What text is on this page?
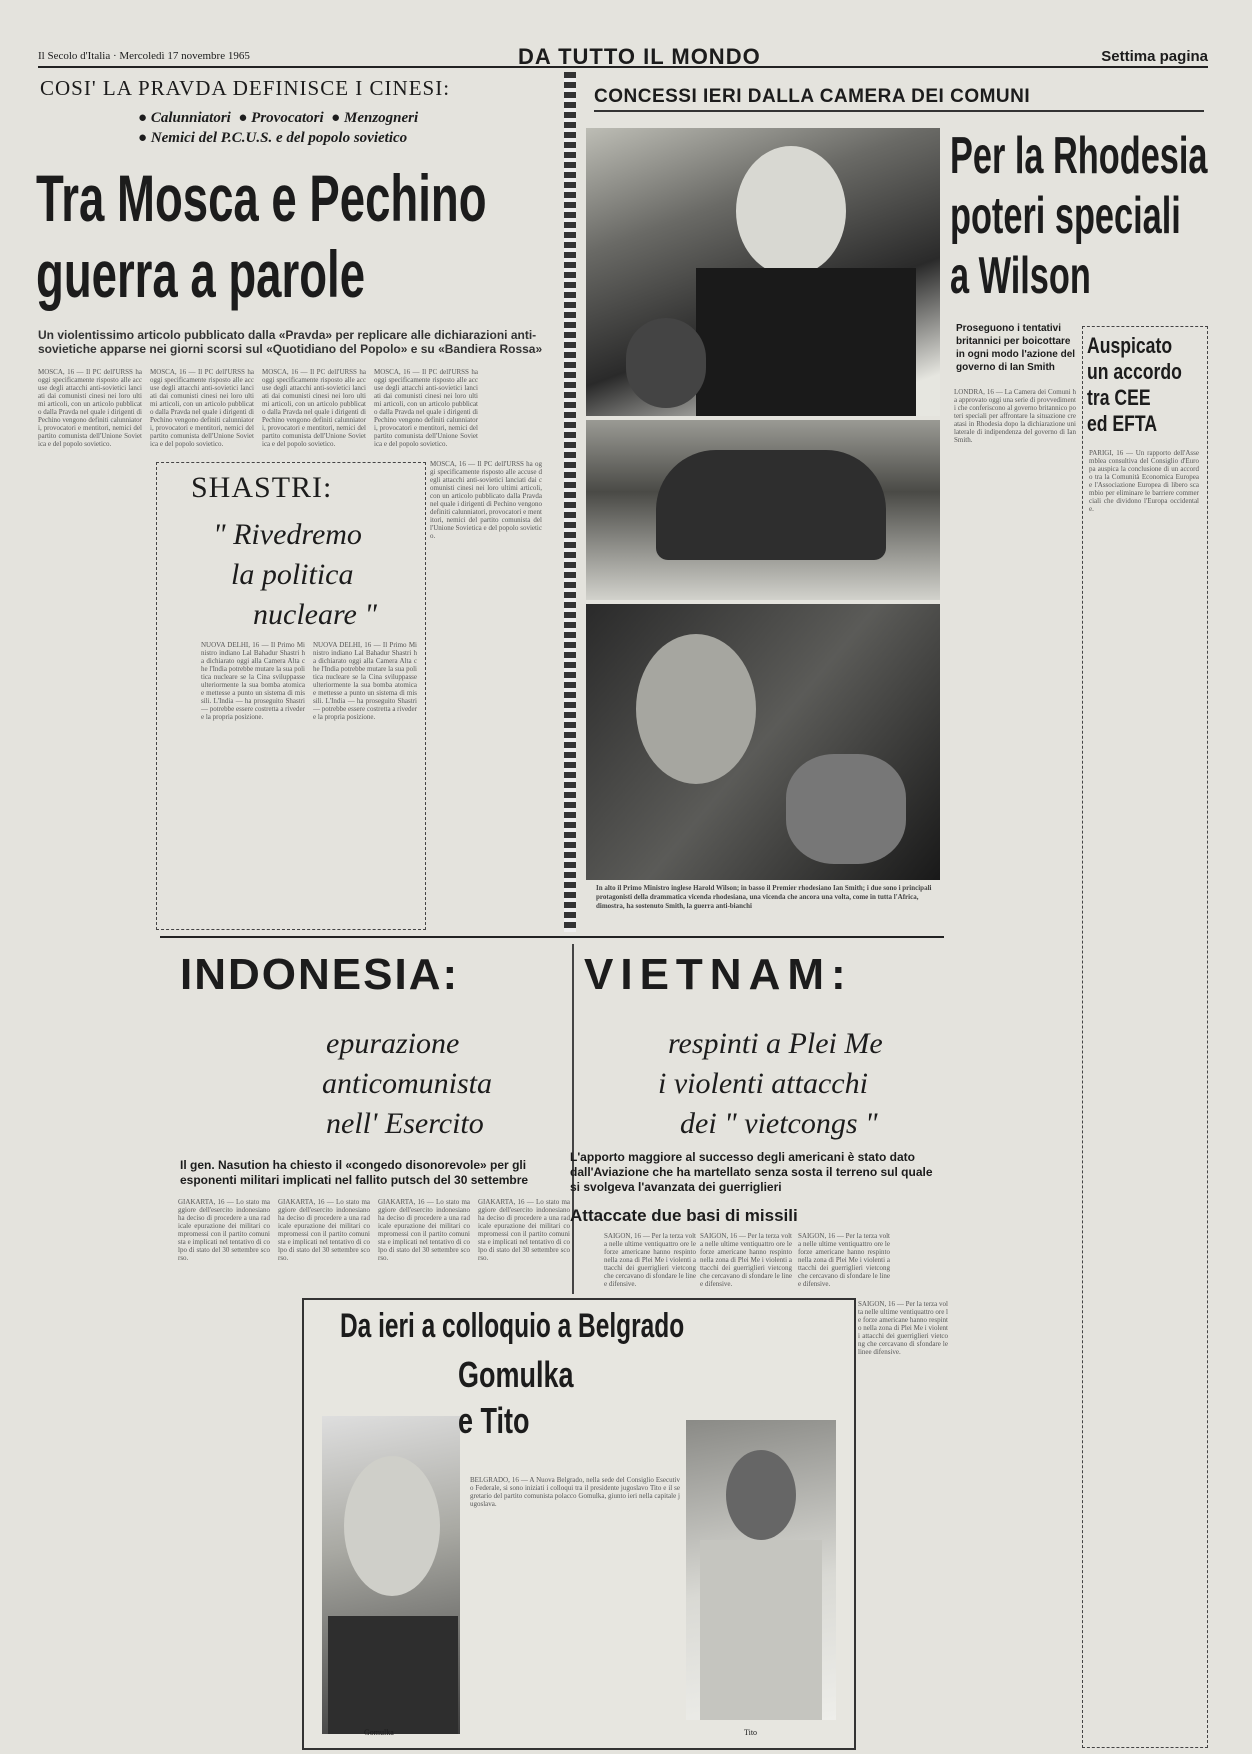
Il Secolo d'Italia · Mercoledì 17 novembre 1965	DA TUTTO IL MONDO	Settima pagina
COSI' LA PRAVDA DEFINISCE I CINESI:
● Calunniatori ● Provocatori ● Menzogneri
● Nemici del P.C.U.S. e del popolo sovietico
Tra Mosca e Pechino
guerra a parole
Un violentissimo articolo pubblicato dalla «Pravda» per replicare alle dichiarazioni anti-sovietiche apparse nei giorni scorsi sul «Quotidiano del Popolo» e su «Bandiera Rossa»

MOSCA, 16 — Il PC dell'URSS ha oggi specificamente risposto alle accuse degli attacchi anti-sovietici lanciati dai comunisti cinesi nei loro ultimi articoli, con un articolo pubblicato dalla Pravda nel quale i dirigenti di Pechino vengono definiti calunniatori, provocatori e mentitori, nemici del partito comunista dell'Unione Sovietica e del popolo sovietico.

MOSCA, 16 — Il PC dell'URSS ha oggi specificamente risposto alle accuse degli attacchi anti-sovietici lanciati dai comunisti cinesi nei loro ultimi articoli, con un articolo pubblicato dalla Pravda nel quale i dirigenti di Pechino vengono definiti calunniatori, provocatori e mentitori, nemici del partito comunista dell'Unione Sovietica e del popolo sovietico.

MOSCA, 16 — Il PC dell'URSS ha oggi specificamente risposto alle accuse degli attacchi anti-sovietici lanciati dai comunisti cinesi nei loro ultimi articoli, con un articolo pubblicato dalla Pravda nel quale i dirigenti di Pechino vengono definiti calunniatori, provocatori e mentitori, nemici del partito comunista dell'Unione Sovietica e del popolo sovietico.

MOSCA, 16 — Il PC dell'URSS ha oggi specificamente risposto alle accuse degli attacchi anti-sovietici lanciati dai comunisti cinesi nei loro ultimi articoli, con un articolo pubblicato dalla Pravda nel quale i dirigenti di Pechino vengono definiti calunniatori, provocatori e mentitori, nemici del partito comunista dell'Unione Sovietica e del popolo sovietico.

MOSCA, 16 — Il PC dell'URSS ha oggi specificamente risposto alle accuse degli attacchi anti-sovietici lanciati dai comunisti cinesi nei loro ultimi articoli, con un articolo pubblicato dalla Pravda nel quale i dirigenti di Pechino vengono definiti calunniatori, provocatori e mentitori, nemici del partito comunista dell'Unione Sovietica e del popolo sovietico.

SHASTRI:
" Rivedremo
la politica
nucleare "

NUOVA DELHI, 16 — Il Primo Ministro indiano Lal Bahadur Shastri ha dichiarato oggi alla Camera Alta che l'India potrebbe mutare la sua politica nucleare se la Cina sviluppasse ulteriormente la sua bomba atomica e mettesse a punto un sistema di missili. L'India — ha proseguito Shastri — potrebbe essere costretta a rivedere la propria posizione.

NUOVA DELHI, 16 — Il Primo Ministro indiano Lal Bahadur Shastri ha dichiarato oggi alla Camera Alta che l'India potrebbe mutare la sua politica nucleare se la Cina sviluppasse ulteriormente la sua bomba atomica e mettesse a punto un sistema di missili. L'India — ha proseguito Shastri — potrebbe essere costretta a rivedere la propria posizione.

CONCESSI IERI DALLA CAMERA DEI COMUNI
In alto il Primo Ministro inglese Harold Wilson; in basso il Premier rhodesiano Ian Smith; i due sono i principali protagonisti della drammatica vicenda rhodesiana, una vicenda che ancora una volta, come in tutta l'Africa, dimostra, ha sostenuto Smith, la guerra anti-bianchi
Per la Rhodesia
poteri speciali
a Wilson
Proseguono i tentativi britannici per boicottare in ogni modo l'azione del governo di Ian Smith

LONDRA, 16 — La Camera dei Comuni ha approvato oggi una serie di provvedimenti che conferiscono al governo britannico poteri speciali per affrontare la situazione creatasi in Rhodesia dopo la dichiarazione unilaterale di indipendenza del governo di Ian Smith.

Auspicato
un accordo
tra CEE
ed EFTA

PARIGI, 16 — Un rapporto dell'Assemblea consultiva del Consiglio d'Europa auspica la conclusione di un accordo tra la Comunità Economica Europea e l'Associazione Europea di libero scambio per eliminare le barriere commerciali che dividono l'Europa occidentale.

INDONESIA:
epurazione
anticomunista
nell' Esercito
Il gen. Nasution ha chiesto il «congedo disonorevole» per gli esponenti militari implicati nel fallito putsch del 30 settembre

GIAKARTA, 16 — Lo stato maggiore dell'esercito indonesiano ha deciso di procedere a una radicale epurazione dei militari compromessi con il partito comunista e implicati nel tentativo di colpo di stato del 30 settembre scorso.

GIAKARTA, 16 — Lo stato maggiore dell'esercito indonesiano ha deciso di procedere a una radicale epurazione dei militari compromessi con il partito comunista e implicati nel tentativo di colpo di stato del 30 settembre scorso.

GIAKARTA, 16 — Lo stato maggiore dell'esercito indonesiano ha deciso di procedere a una radicale epurazione dei militari compromessi con il partito comunista e implicati nel tentativo di colpo di stato del 30 settembre scorso.

GIAKARTA, 16 — Lo stato maggiore dell'esercito indonesiano ha deciso di procedere a una radicale epurazione dei militari compromessi con il partito comunista e implicati nel tentativo di colpo di stato del 30 settembre scorso.

VIETNAM:
respinti a Plei Me
i violenti attacchi
dei " vietcongs "
L'apporto maggiore al successo degli americani è stato dato dall'Aviazione che ha martellato senza sosta il terreno sul quale si svolgeva l'avanzata dei guerriglieri
Attaccate due basi di missili

SAIGON, 16 — Per la terza volta nelle ultime ventiquattro ore le forze americane hanno respinto nella zona di Plei Me i violenti attacchi dei guerriglieri vietcong che cercavano di sfondare le linee difensive.

SAIGON, 16 — Per la terza volta nelle ultime ventiquattro ore le forze americane hanno respinto nella zona di Plei Me i violenti attacchi dei guerriglieri vietcong che cercavano di sfondare le linee difensive.

SAIGON, 16 — Per la terza volta nelle ultime ventiquattro ore le forze americane hanno respinto nella zona di Plei Me i violenti attacchi dei guerriglieri vietcong che cercavano di sfondare le linee difensive.

SAIGON, 16 — Per la terza volta nelle ultime ventiquattro ore le forze americane hanno respinto nella zona di Plei Me i violenti attacchi dei guerriglieri vietcong che cercavano di sfondare le linee difensive.

Da ieri a colloquio a Belgrado
Gomulka
Gomulka
e Tito

BELGRADO, 16 — A Nuova Belgrado, nella sede del Consiglio Esecutivo Federale, si sono iniziati i colloqui tra il presidente jugoslavo Tito e il segretario del partito comunista polacco Gomulka, giunto ieri nella capitale jugoslava.

Tito
